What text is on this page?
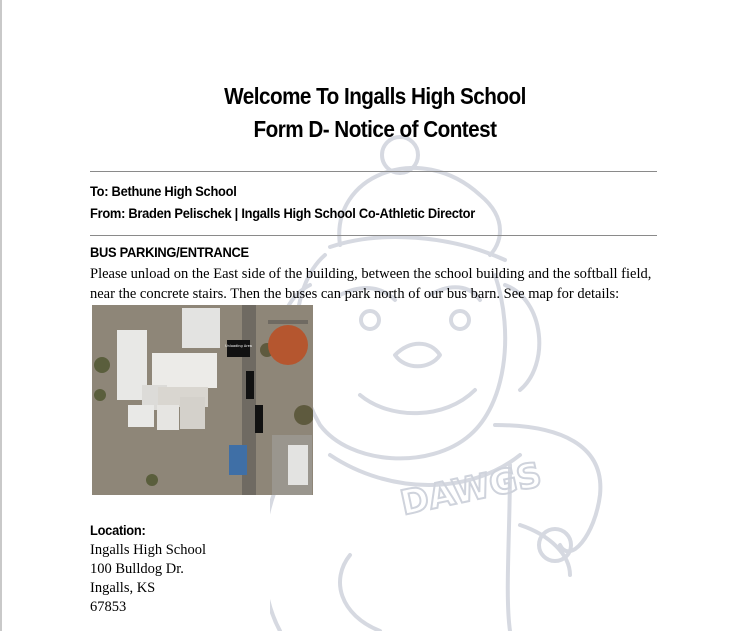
DAWGS
Welcome To Ingalls High School
Form D- Notice of Contest
To: Bethune High School
From: Braden Pelischek | Ingalls High School Co-Athletic Director
BUS PARKING/ENTRANCE
Please unload on the East side of the building, between the school building and the softball field,
near the concrete stairs. Then the buses can park north of our bus barn. See map for details:
Unloading Area
Location:
Ingalls High School
100 Bulldog Dr.
Ingalls, KS
67853
